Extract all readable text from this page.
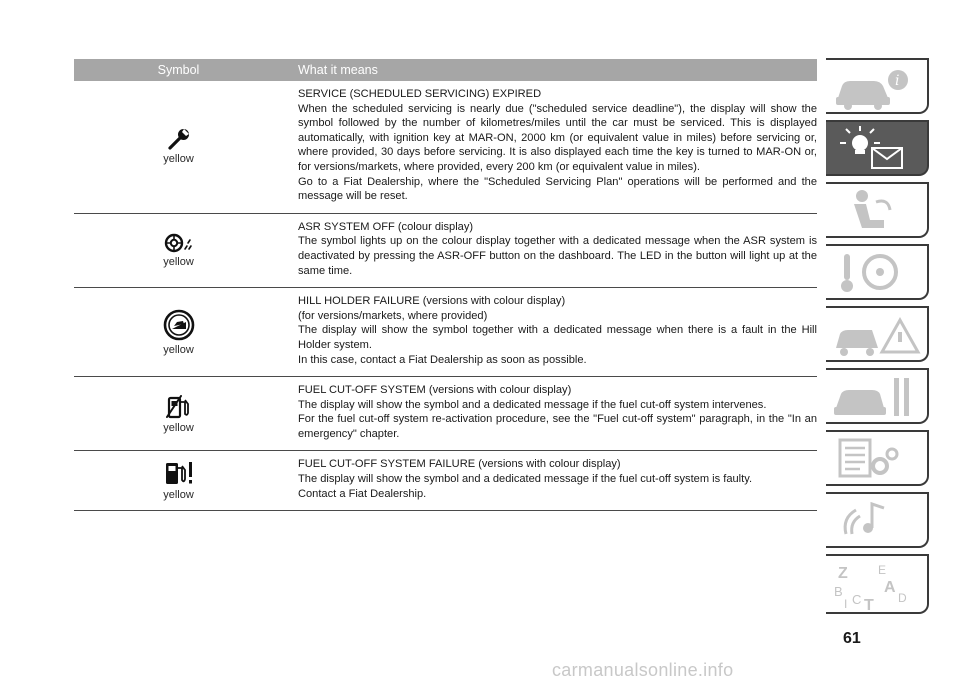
Symbol	What it means
yellow
SERVICE (SCHEDULED SERVICING) EXPIRED
When the scheduled servicing is nearly due ("scheduled service deadline"), the display will show the symbol followed by the number of kilometres/miles until the car must be serviced. This is displayed automatically, with ignition key at MAR-ON, 2000 km (or equivalent value in miles) before servicing or, where provided, 30 days before servicing. It is also displayed each time the key is turned to MAR-ON or, for versions/markets, where provided, every 200 km (or equivalent value in miles).
Go to a Fiat Dealership, where the "Scheduled Servicing Plan" operations will be performed and the message will be reset.
yellow
ASR SYSTEM OFF (colour display)
The symbol lights up on the colour display together with a dedicated message when the ASR system is deactivated by pressing the ASR-OFF button on the dashboard. The LED in the button will light up at the same time.
yellow
HILL HOLDER FAILURE (versions with colour display)
(for versions/markets, where provided)
The display will show the symbol together with a dedicated message when there is a fault in the Hill Holder system.
In this case, contact a Fiat Dealership as soon as possible.
yellow
FUEL CUT-OFF SYSTEM (versions with colour display)
The display will show the symbol and a dedicated message if the fuel cut-off system intervenes.
For the fuel cut-off system re-activation procedure, see the "Fuel cut-off system" paragraph, in the "In an emergency" chapter.
yellow
FUEL CUT-OFF SYSTEM FAILURE (versions with colour display)
The display will show the symbol and a dedicated message if the fuel cut-off system is faulty.
Contact a Fiat Dealership.
i
Z	E
A
B
C T D
I
61
carmanualsonline.info
